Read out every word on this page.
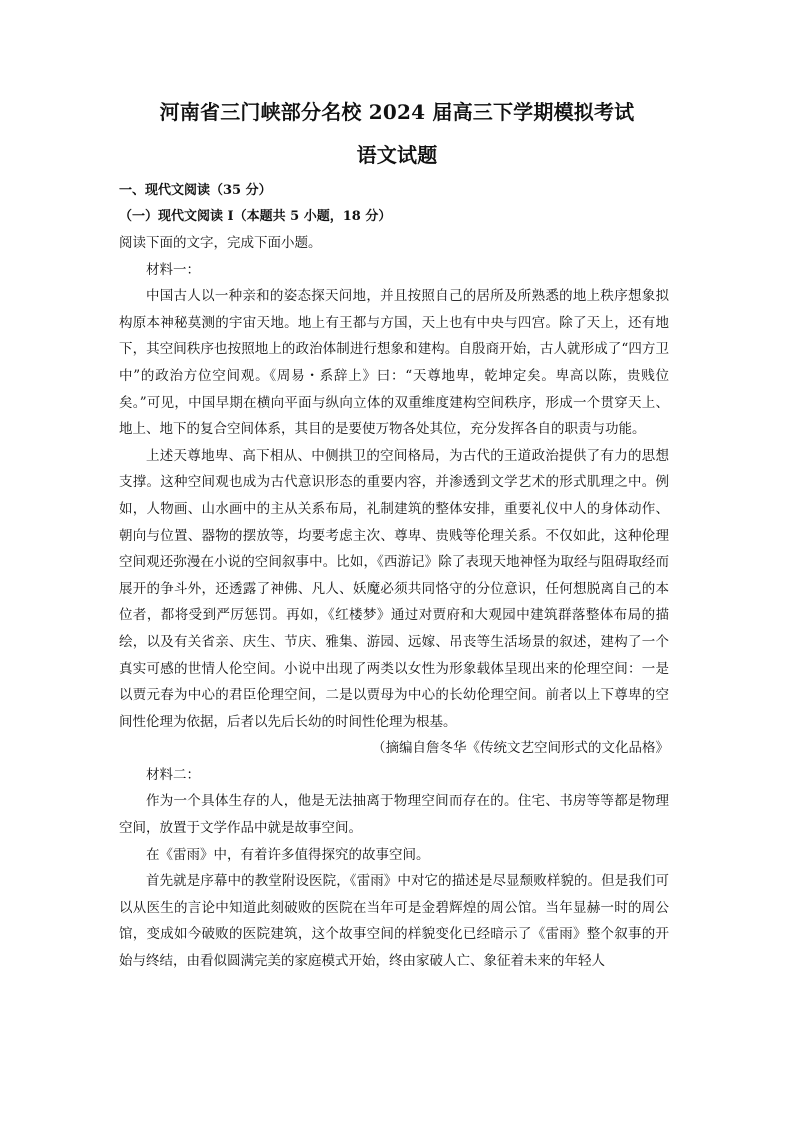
河南省三门峡部分名校 2024 届高三下学期模拟考试
语文试题
一、现代文阅读（35 分）
（一）现代文阅读 I（本题共 5 小题，18 分）

阅读下面的文字，完成下面小题。

材料一：

中国古人以一种亲和的姿态探天问地，并且按照自己的居所及所熟悉的地上秩序想象拟构原本神秘莫测的宇宙天地。地上有王都与方国，天上也有中央与四宫。除了天上，还有地下，其空间秩序也按照地上的政治体制进行想象和建构。自殷商开始，古人就形成了“四方卫中”的政治方位空间观。《周易・系辞上》曰：“天尊地卑，乾坤定矣。卑高以陈，贵贱位矣。”可见，中国早期在横向平面与纵向立体的双重维度建构空间秩序，形成一个贯穿天上、地上、地下的复合空间体系，其目的是要使万物各处其位，充分发挥各自的职责与功能。

上述天尊地卑、高下相从、中侧拱卫的空间格局，为古代的王道政治提供了有力的思想支撑。这种空间观也成为古代意识形态的重要内容，并渗透到文学艺术的形式肌理之中。例如，人物画、山水画中的主从关系布局，礼制建筑的整体安排，重要礼仪中人的身体动作、朝向与位置、器物的摆放等，均要考虑主次、尊卑、贵贱等伦理关系。不仅如此，这种伦理空间观还弥漫在小说的空间叙事中。比如，《西游记》除了表现天地神怪为取经与阻碍取经而展开的争斗外，还透露了神佛、凡人、妖魔必须共同恪守的分位意识，任何想脱离自己的本位者，都将受到严厉惩罚。再如，《红楼梦》通过对贾府和大观园中建筑群落整体布局的描绘，以及有关省亲、庆生、节庆、雅集、游园、远嫁、吊丧等生活场景的叙述，建构了一个真实可感的世情人伦空间。小说中出现了两类以女性为形象载体呈现出来的伦理空间：一是以贾元春为中心的君臣伦理空间，二是以贾母为中心的长幼伦理空间。前者以上下尊卑的空间性伦理为依据，后者以先后长幼的时间性伦理为根基。

（摘编自詹冬华《传统文艺空间形式的文化品格》
材料二：

作为一个具体生存的人，他是无法抽离于物理空间而存在的。住宅、书房等等都是物理空间，放置于文学作品中就是故事空间。

在《雷雨》中，有着许多值得探究的故事空间。

首先就是序幕中的教堂附设医院，《雷雨》中对它的描述是尽显颓败样貌的。但是我们可以从医生的言论中知道此刻破败的医院在当年可是金碧辉煌的周公馆。当年显赫一时的周公馆，变成如今破败的医院建筑，这个故事空间的样貌变化已经暗示了《雷雨》整个叙事的开始与终结，由看似圆满完美的家庭模式开始，终由家破人亡、象征着未来的年轻人
